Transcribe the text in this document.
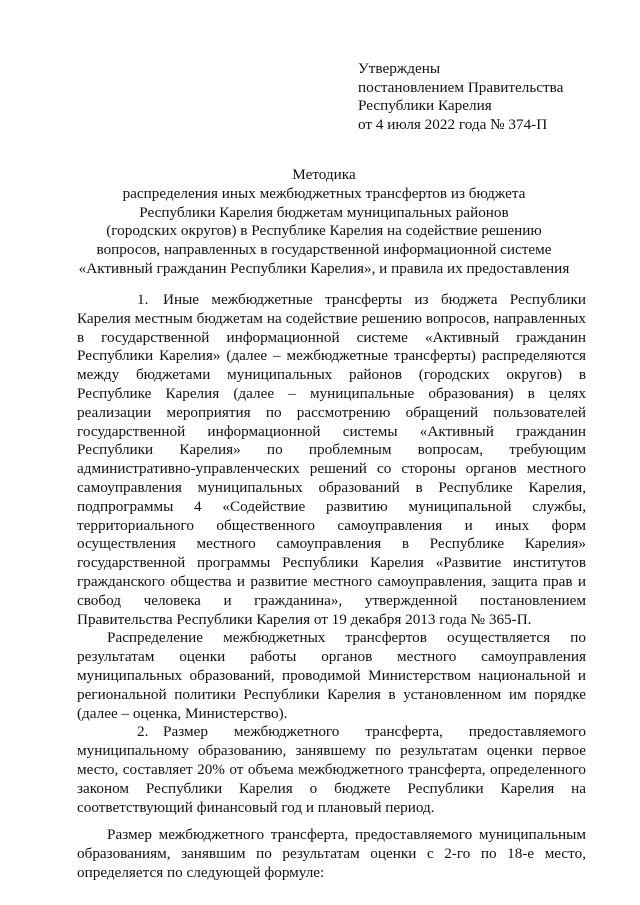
Утверждены
постановлением Правительства
Республики Карелия
от 4 июля 2022 года № 374-П
Методика
распределения иных межбюджетных трансфертов из бюджета
Республики Карелия бюджетам муниципальных районов
(городских округов) в Республике Карелия на содействие решению
вопросов, направленных в государственной информационной системе
«Активный гражданин Республики Карелия», и правила их предоставления

1. Иные межбюджетные трансферты из бюджета Республики Карелия местным бюджетам на содействие решению вопросов, направленных в государственной информационной системе «Активный гражданин Республики Карелия» (далее – межбюджетные трансферты) распределяются между бюджетами муниципальных районов (городских округов) в Республике Карелия (далее – муниципальные образования) в целях реализации мероприятия по рассмотрению обращений пользователей государственной информационной системы «Активный гражданин Республики Карелия» по проблемным вопросам, требующим административно-управленческих решений со стороны органов местного самоуправления муниципальных образований в Республике Карелия, подпрограммы 4 «Содействие развитию муниципальной службы, территориального общественного самоуправления и иных форм осуществления местного самоуправления в Республике Карелия» государственной программы Республики Карелия «Развитие институтов гражданского общества и развитие местного самоуправления, защита прав и свобод человека и гражданина», утвержденной постановлением Правительства Республики Карелия от 19 декабря 2013 года № 365-П.

Распределение межбюджетных трансфертов осуществляется по результатам оценки работы органов местного самоуправления муниципальных образований, проводимой Министерством национальной и региональной политики Республики Карелия в установленном им порядке (далее – оценка, Министерство).

2. Размер межбюджетного трансферта, предоставляемого муниципальному образованию, занявшему по результатам оценки первое место, составляет 20% от объема межбюджетного трансферта, определенного законом Республики Карелия о бюджете Республики Карелия на соответствующий финансовый год и плановый период.

Размер межбюджетного трансферта, предоставляемого муниципальным образованиям, занявшим по результатам оценки с 2-го по 18-е место, определяется по следующей формуле:
